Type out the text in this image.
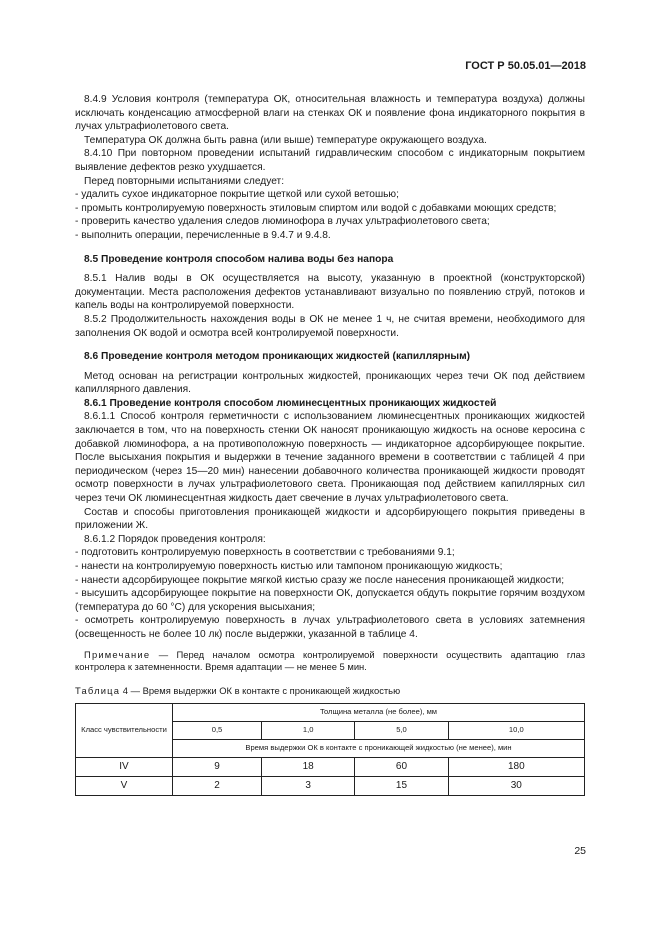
ГОСТ Р 50.05.01—2018

8.4.9 Условия контроля (температура ОК, относительная влажность и температура воздуха) должны исключать конденсацию атмосферной влаги на стенках ОК и появление фона индикаторного покрытия в лучах ультрафиолетового света.

Температура ОК должна быть равна (или выше) температуре окружающего воздуха.

8.4.10 При повторном проведении испытаний гидравлическим способом с индикаторным покрытием выявление дефектов резко ухудшается.

Перед повторными испытаниями следует:

- удалить сухое индикаторное покрытие щеткой или сухой ветошью;

- промыть контролируемую поверхность этиловым спиртом или водой с добавками моющих средств;

- проверить качество удаления следов люминофора в лучах ультрафиолетового света;

- выполнить операции, перечисленные в 9.4.7 и 9.4.8.

8.5 Проведение контроля способом налива воды без напора

8.5.1 Налив воды в ОК осуществляется на высоту, указанную в проектной (конструкторской) документации. Места расположения дефектов устанавливают визуально по появлению струй, потоков и капель воды на контролируемой поверхности.

8.5.2 Продолжительность нахождения воды в ОК не менее 1 ч, не считая времени, необходимого для заполнения ОК водой и осмотра всей контролируемой поверхности.

8.6 Проведение контроля методом проникающих жидкостей (капиллярным)

Метод основан на регистрации контрольных жидкостей, проникающих через течи ОК под действием капиллярного давления.

8.6.1 Проведение контроля способом люминесцентных проникающих жидкостей

8.6.1.1 Способ контроля герметичности с использованием люминесцентных проникающих жидкостей заключается в том, что на поверхность стенки ОК наносят проникающую жидкость на основе керосина с добавкой люминофора, а на противоположную поверхность — индикаторное адсорбирующее покрытие. После высыхания покрытия и выдержки в течение заданного времени в соответствии с таблицей 4 при периодическом (через 15—20 мин) нанесении добавочного количества проникающей жидкости проводят осмотр поверхности в лучах ультрафиолетового света. Проникающая под действием капиллярных сил через течи ОК люминесцентная жидкость дает свечение в лучах ультрафиолетового света.

Состав и способы приготовления проникающей жидкости и адсорбирующего покрытия приведены в приложении Ж.

8.6.1.2 Порядок проведения контроля:

- подготовить контролируемую поверхность в соответствии с требованиями 9.1;

- нанести на контролируемую поверхность кистью или тампоном проникающую жидкость;

- нанести адсорбирующее покрытие мягкой кистью сразу же после нанесения проникающей жидкости;

- высушить адсорбирующее покрытие на поверхности ОК, допускается обдуть покрытие горячим воздухом (температура до 60 °C) для ускорения высыхания;

- осмотреть контролируемую поверхность в лучах ультрафиолетового света в условиях затемнения (освещенность не более 10 лк) после выдержки, указанной в таблице 4.

Примечание — Перед началом осмотра контролируемой поверхности осуществить адаптацию глаз контролера к затемненности. Время адаптации — не менее 5 мин.

Таблица 4 — Время выдержки ОК в контакте с проникающей жидкостью

Класс чувствительности	Толщина металла (не более), мм			
	0,5	1,0	5,0	10,0
	Время выдержки ОК в контакте с проникающей жидкостью (не менее), мин			
IV	9	18	60	180
V	2	3	15	30
25
